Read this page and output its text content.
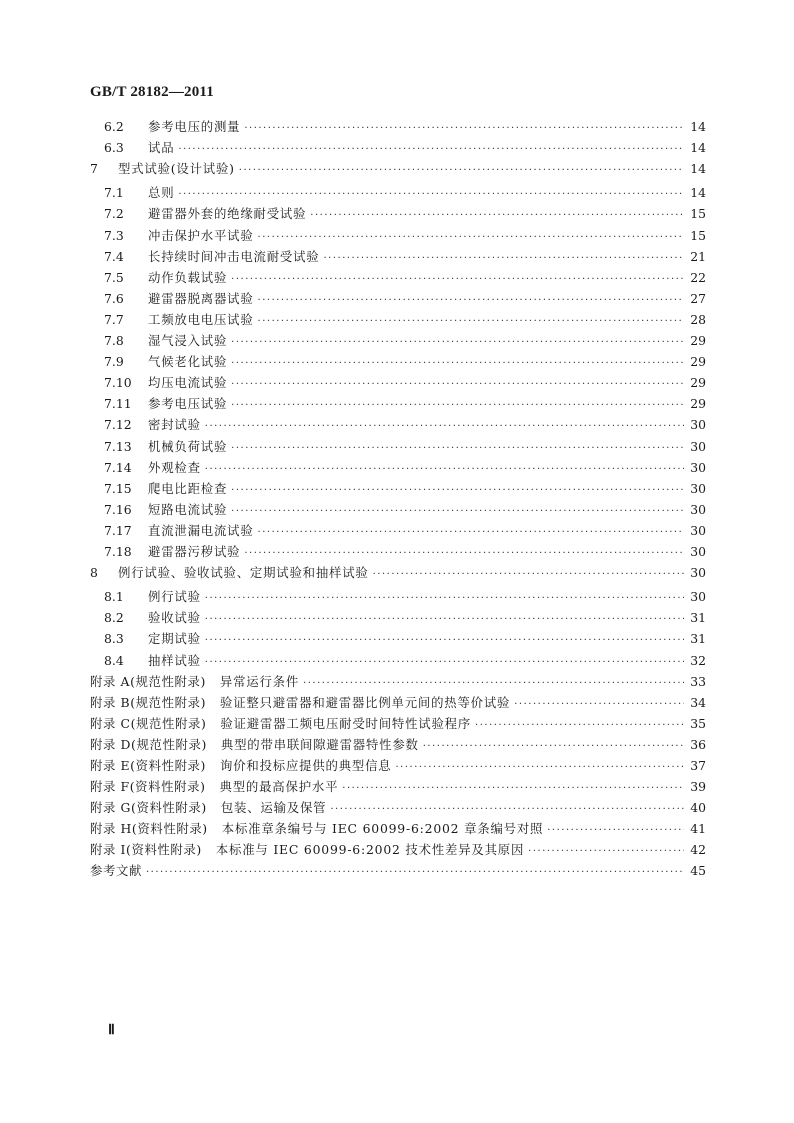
GB/T 28182—2011
6.2	参考电压的测量 ·····	14
6.3	试品 ·····	14
7	型式试验(设计试验) ·····	14
7.1	总则 ·····	14
7.2	避雷器外套的绝缘耐受试验 ·····	15
7.3	冲击保护水平试验 ·····	15
7.4	长持续时间冲击电流耐受试验 ·····	21
7.5	动作负载试验 ·····	22
7.6	避雷器脱离器试验 ·····	27
7.7	工频放电电压试验 ·····	28
7.8	湿气浸入试验 ·····	29
7.9	气候老化试验 ·····	29
7.10	均压电流试验 ·····	29
7.11	参考电压试验 ·····	29
7.12	密封试验 ·····	30
7.13	机械负荷试验 ·····	30
7.14	外观检查 ·····	30
7.15	爬电比距检查 ·····	30
7.16	短路电流试验 ·····	30
7.17	直流泄漏电流试验 ·····	30
7.18	避雷器污秽试验 ·····	30
8	例行试验、验收试验、定期试验和抽样试验 ·····	30
8.1	例行试验 ·····	30
8.2	验收试验 ·····	31
8.3	定期试验 ·····	31
8.4	抽样试验 ·····	32
附录 A(规范性附录)	异常运行条件 ·····	33
附录 B(规范性附录)	验证整只避雷器和避雷器比例单元间的热等价试验 ·····	34
附录 C(规范性附录)	验证避雷器工频电压耐受时间特性试验程序 ·····	35
附录 D(规范性附录)	典型的带串联间隙避雷器特性参数 ·····	36
附录 E(资料性附录)	询价和投标应提供的典型信息 ·····	37
附录 F(资料性附录)	典型的最高保护水平 ·····	39
附录 G(资料性附录)	包装、运输及保管 ·····	40
附录 H(资料性附录)	本标准章条编号与 IEC 60099-6:2002 章条编号对照 ·····	41
附录 I(资料性附录)	本标准与 IEC 60099-6:2002 技术性差异及其原因 ·····	42
参考文献 ·····	45
Ⅱ
